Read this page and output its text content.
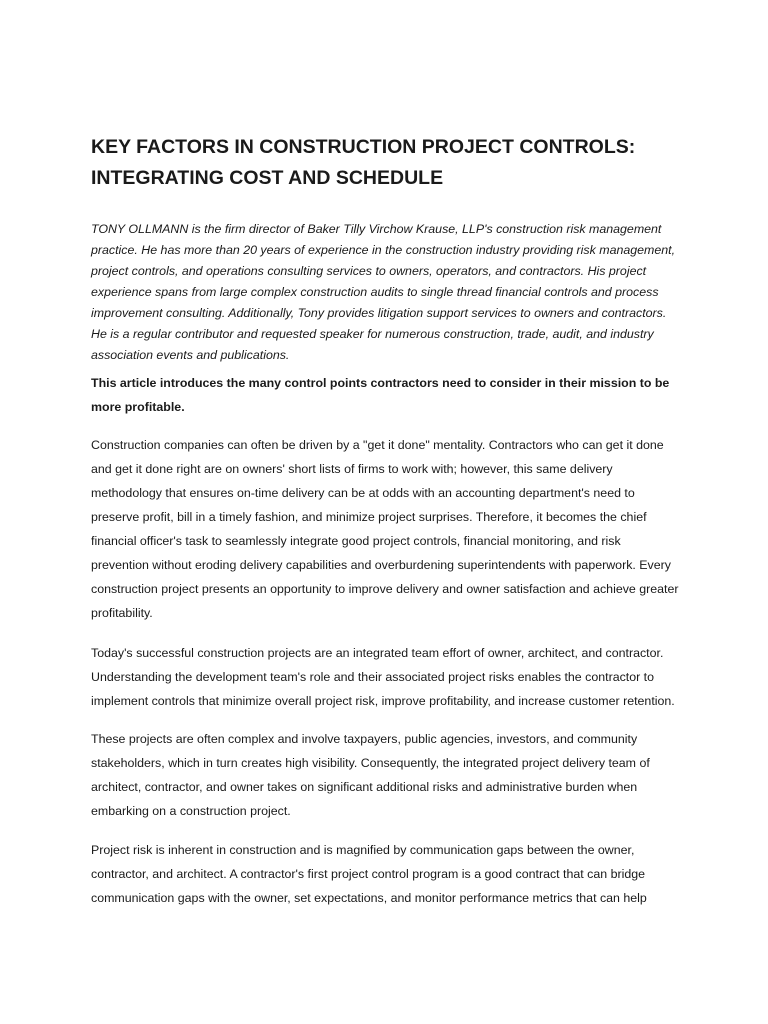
KEY FACTORS IN CONSTRUCTION PROJECT CONTROLS:
INTEGRATING COST AND SCHEDULE

TONY OLLMANN is the firm director of Baker Tilly Virchow Krause, LLP's construction risk management
practice. He has more than 20 years of experience in the construction industry providing risk management,
project controls, and operations consulting services to owners, operators, and contractors. His project
experience spans from large complex construction audits to single thread financial controls and process
improvement consulting. Additionally, Tony provides litigation support services to owners and contractors.
He is a regular contributor and requested speaker for numerous construction, trade, audit, and industry
association events and publications.

This article introduces the many control points contractors need to consider in their mission to be
more profitable.

Construction companies can often be driven by a "get it done" mentality. Contractors who can get it done
and get it done right are on owners' short lists of firms to work with; however, this same delivery
methodology that ensures on-time delivery can be at odds with an accounting department's need to
preserve profit, bill in a timely fashion, and minimize project surprises. Therefore, it becomes the chief
financial officer's task to seamlessly integrate good project controls, financial monitoring, and risk
prevention without eroding delivery capabilities and overburdening superintendents with paperwork. Every
construction project presents an opportunity to improve delivery and owner satisfaction and achieve greater
profitability.

Today's successful construction projects are an integrated team effort of owner, architect, and contractor.
Understanding the development team's role and their associated project risks enables the contractor to
implement controls that minimize overall project risk, improve profitability, and increase customer retention.

These projects are often complex and involve taxpayers, public agencies, investors, and community
stakeholders, which in turn creates high visibility. Consequently, the integrated project delivery team of
architect, contractor, and owner takes on significant additional risks and administrative burden when
embarking on a construction project.

Project risk is inherent in construction and is magnified by communication gaps between the owner,
contractor, and architect. A contractor's first project control program is a good contract that can bridge
communication gaps with the owner, set expectations, and monitor performance metrics that can help
